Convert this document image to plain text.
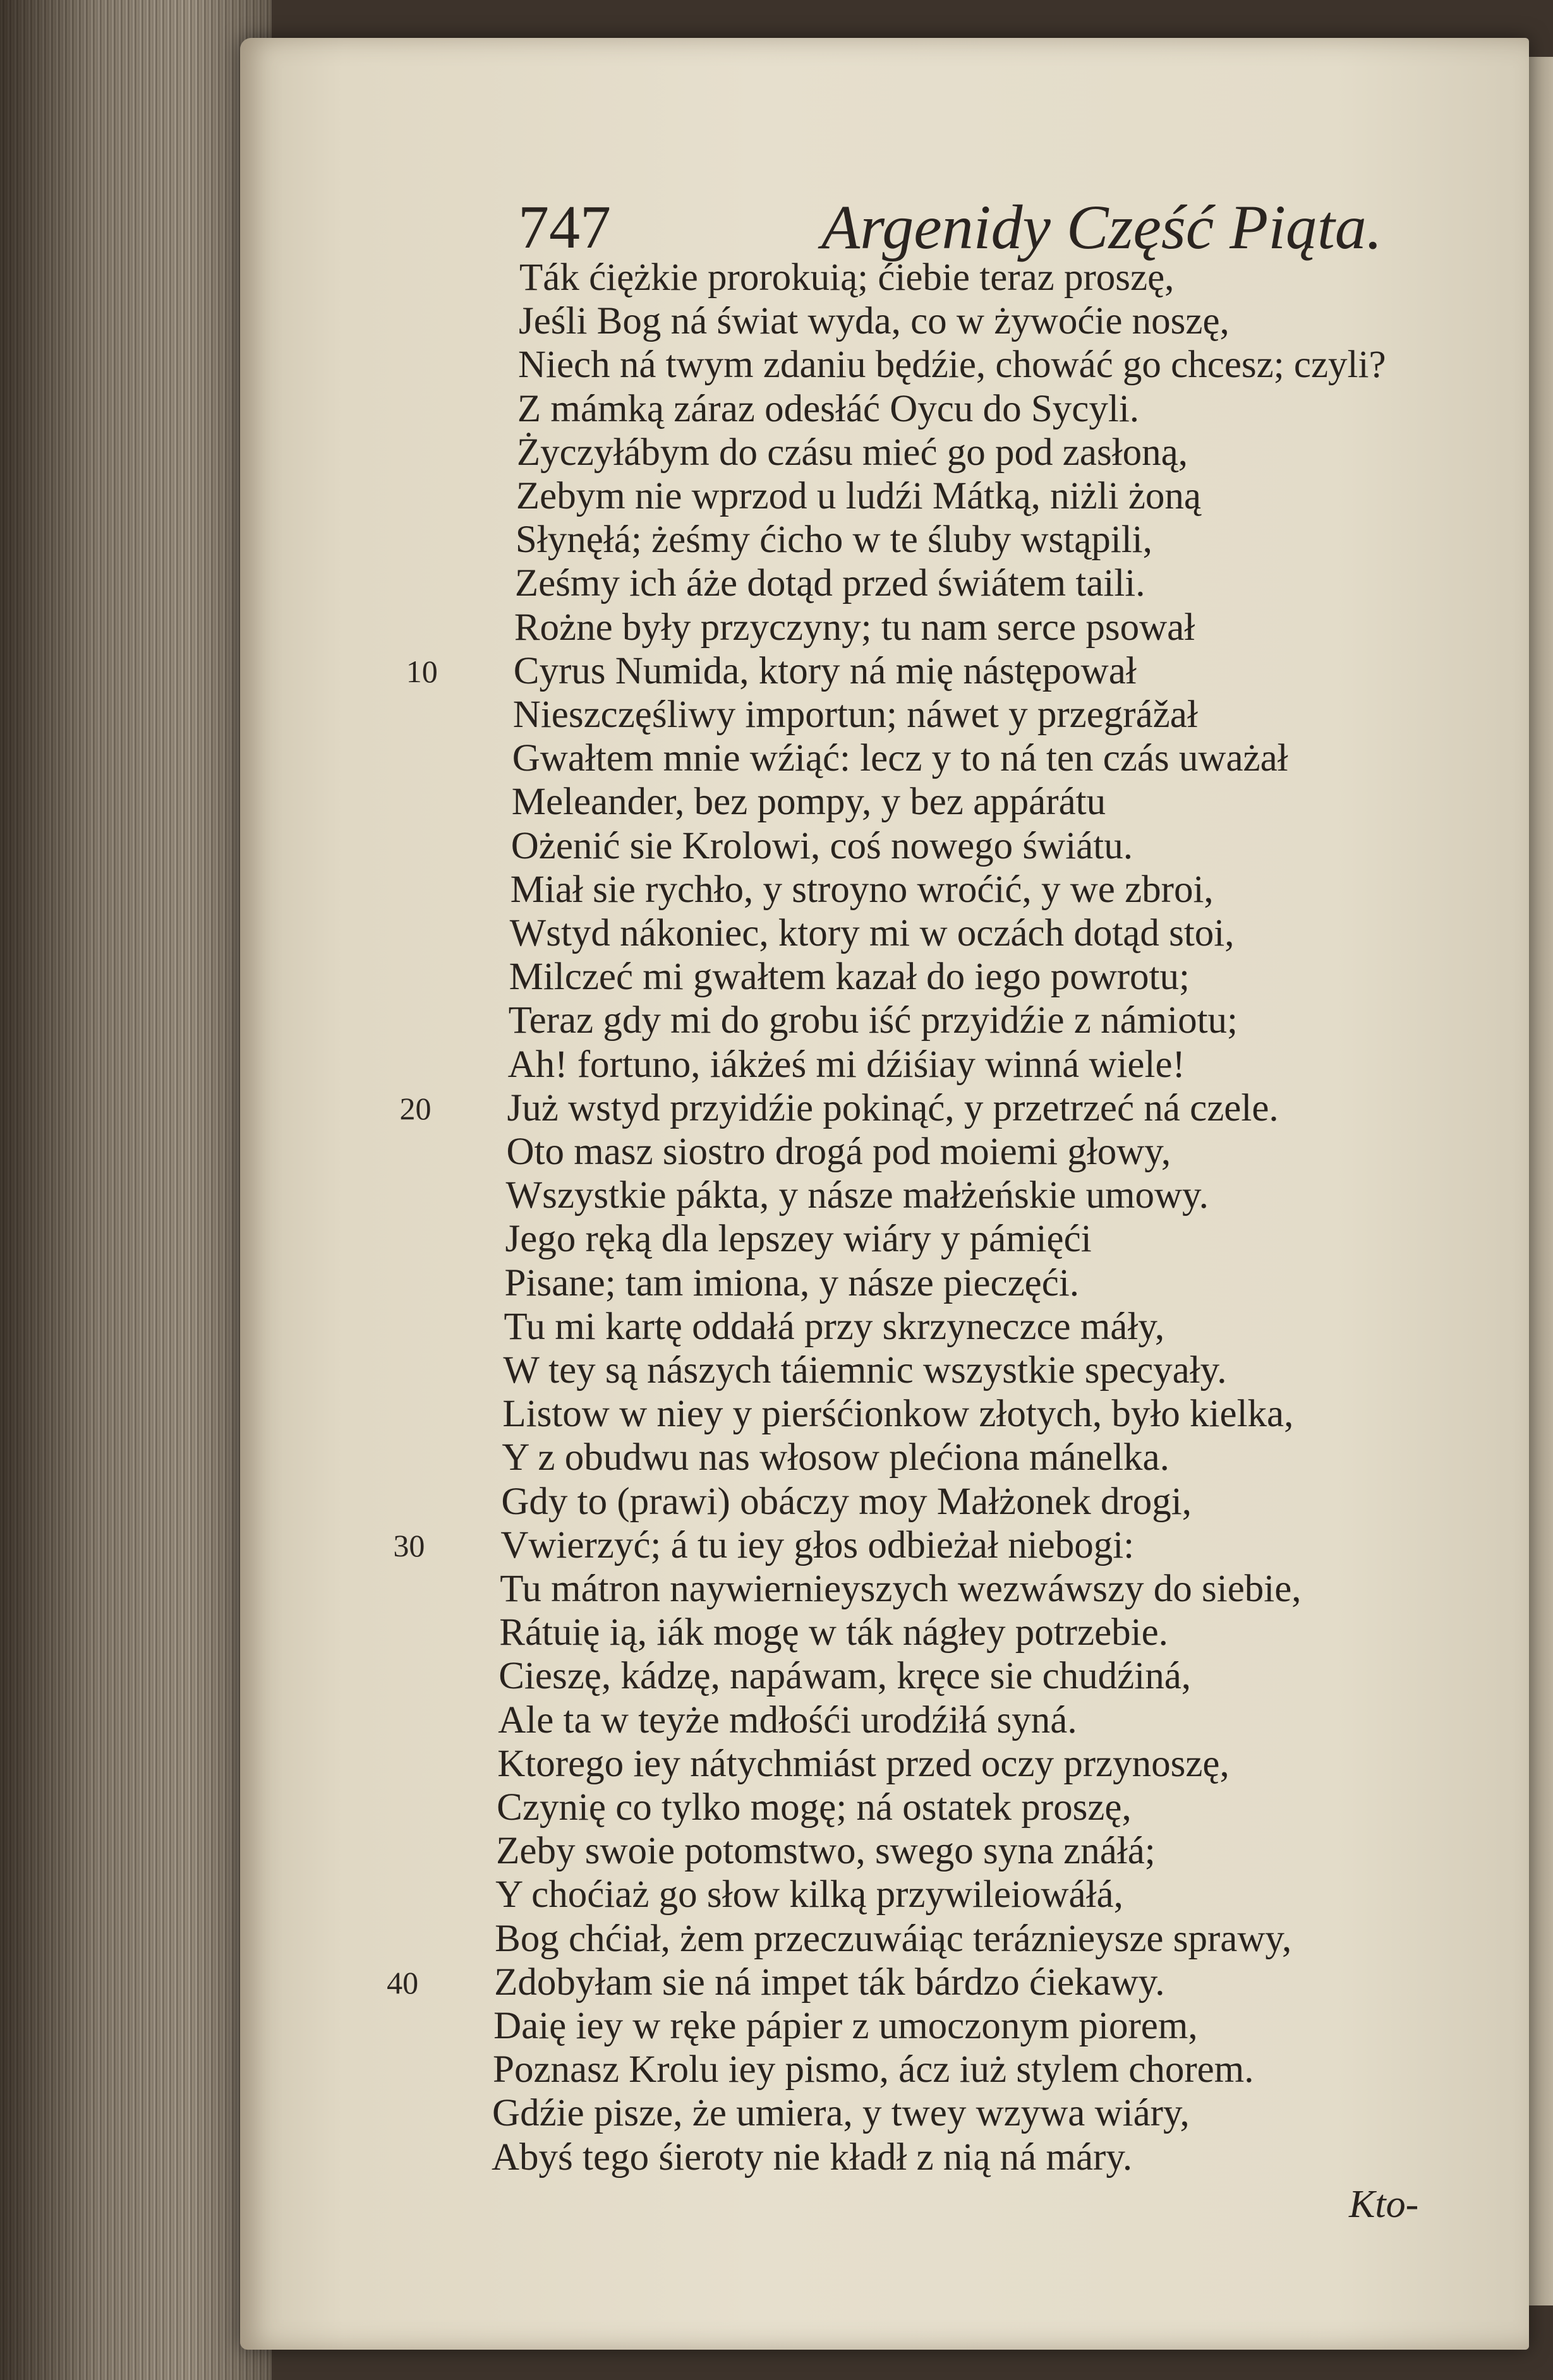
747	Argenidy Część Piąta.
Ták ćiężkie prorokuią; ćiebie teraz proszę,
Jeśli Bog ná świat wyda, co w żywoćie noszę,
Niech ná twym zdaniu będźie, chowáć go chcesz; czyli?
Z mámką záraz odesłáć Oycu do Sycyli.
Życzyłábym do czásu mieć go pod zasłoną,
Zebym nie wprzod u ludźi Mátką, niżli żoną
Słynęłá; żeśmy ćicho w te śluby wstąpili,
Ześmy ich áże dotąd przed świátem taili.
Rożne były przyczyny; tu nam serce psował
Cyrus Numida, ktory ná mię nástępował
10
Nieszczęśliwy importun; náwet y przegrážał
Gwałtem mnie wźiąć: lecz y to ná ten czás uważał
Meleander, bez pompy, y bez appárátu
Ożenić sie Krolowi, coś nowego świátu.
Miał sie rychło, y stroyno wroćić, y we zbroi,
Wstyd nákoniec, ktory mi w oczách dotąd stoi,
Milczeć mi gwałtem kazał do iego powrotu;
Teraz gdy mi do grobu iść przyidźie z námiotu;
Ah! fortuno, iákżeś mi dźiśiay winná wiele!
Już wstyd przyidźie pokinąć, y przetrzeć ná czele.
20
Oto masz siostro drogá pod moiemi głowy,
Wszystkie pákta, y násze małżeńskie umowy.
Jego ręką dla lepszey wiáry y pámięći
Pisane; tam imiona, y násze pieczęći.
Tu mi kartę oddałá przy skrzyneczce máły,
W tey są nászych táiemnic wszystkie specyały.
Listow w niey y pierśćionkow złotych, było kielka,
Y z obudwu nas włosow plećiona mánelka.
Gdy to (prawi) obáczy moy Małżonek drogi,
Vwierzyć; á tu iey głos odbieżał niebogi:
30
Tu mátron naywiernieyszych wezwáwszy do siebie,
Rátuię ią, iák mogę w ták nágłey potrzebie.
Cieszę, kádzę, napáwam, kręce sie chudźiná,
Ale ta w teyże mdłośći urodźiłá syná.
Ktorego iey nátychmiást przed oczy przynoszę,
Czynię co tylko mogę; ná ostatek proszę,
Zeby swoie potomstwo, swego syna znáłá;
Y choćiaż go słow kilką przywileiowáłá,
Bog chćiał, żem przeczuwáiąc teráznieysze sprawy,
Zdobyłam sie ná impet ták bárdzo ćiekawy.
40
Daię iey w ręke pápier z umoczonym piorem,
Poznasz Krolu iey pismo, ácz iuż stylem chorem.
Gdźie pisze, że umiera, y twey wzywa wiáry,
Abyś tego śieroty nie kładł z nią ná máry.
Kto-
